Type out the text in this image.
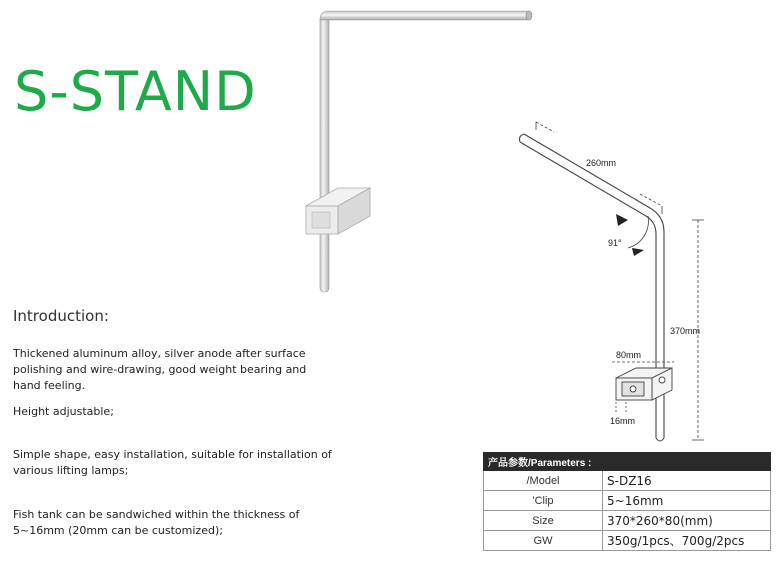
S-STAND
260mm
91°
370mm
80mm
16mm
Introduction:
Thickened aluminum alloy, silver anode after surface polishing and wire-drawing, good weight bearing and hand feeling.
Height adjustable;
Simple shape, easy installation, suitable for installation of various lifting lamps;
Fish tank can be sandwiched within the thickness of 5~16mm (20mm can be customized);
产品参数/Parameters :	
/Model	S-DZ16
'Clip	5~16mm
Size	370*260*80(mm)
GW	350g/1pcs、700g/2pcs
